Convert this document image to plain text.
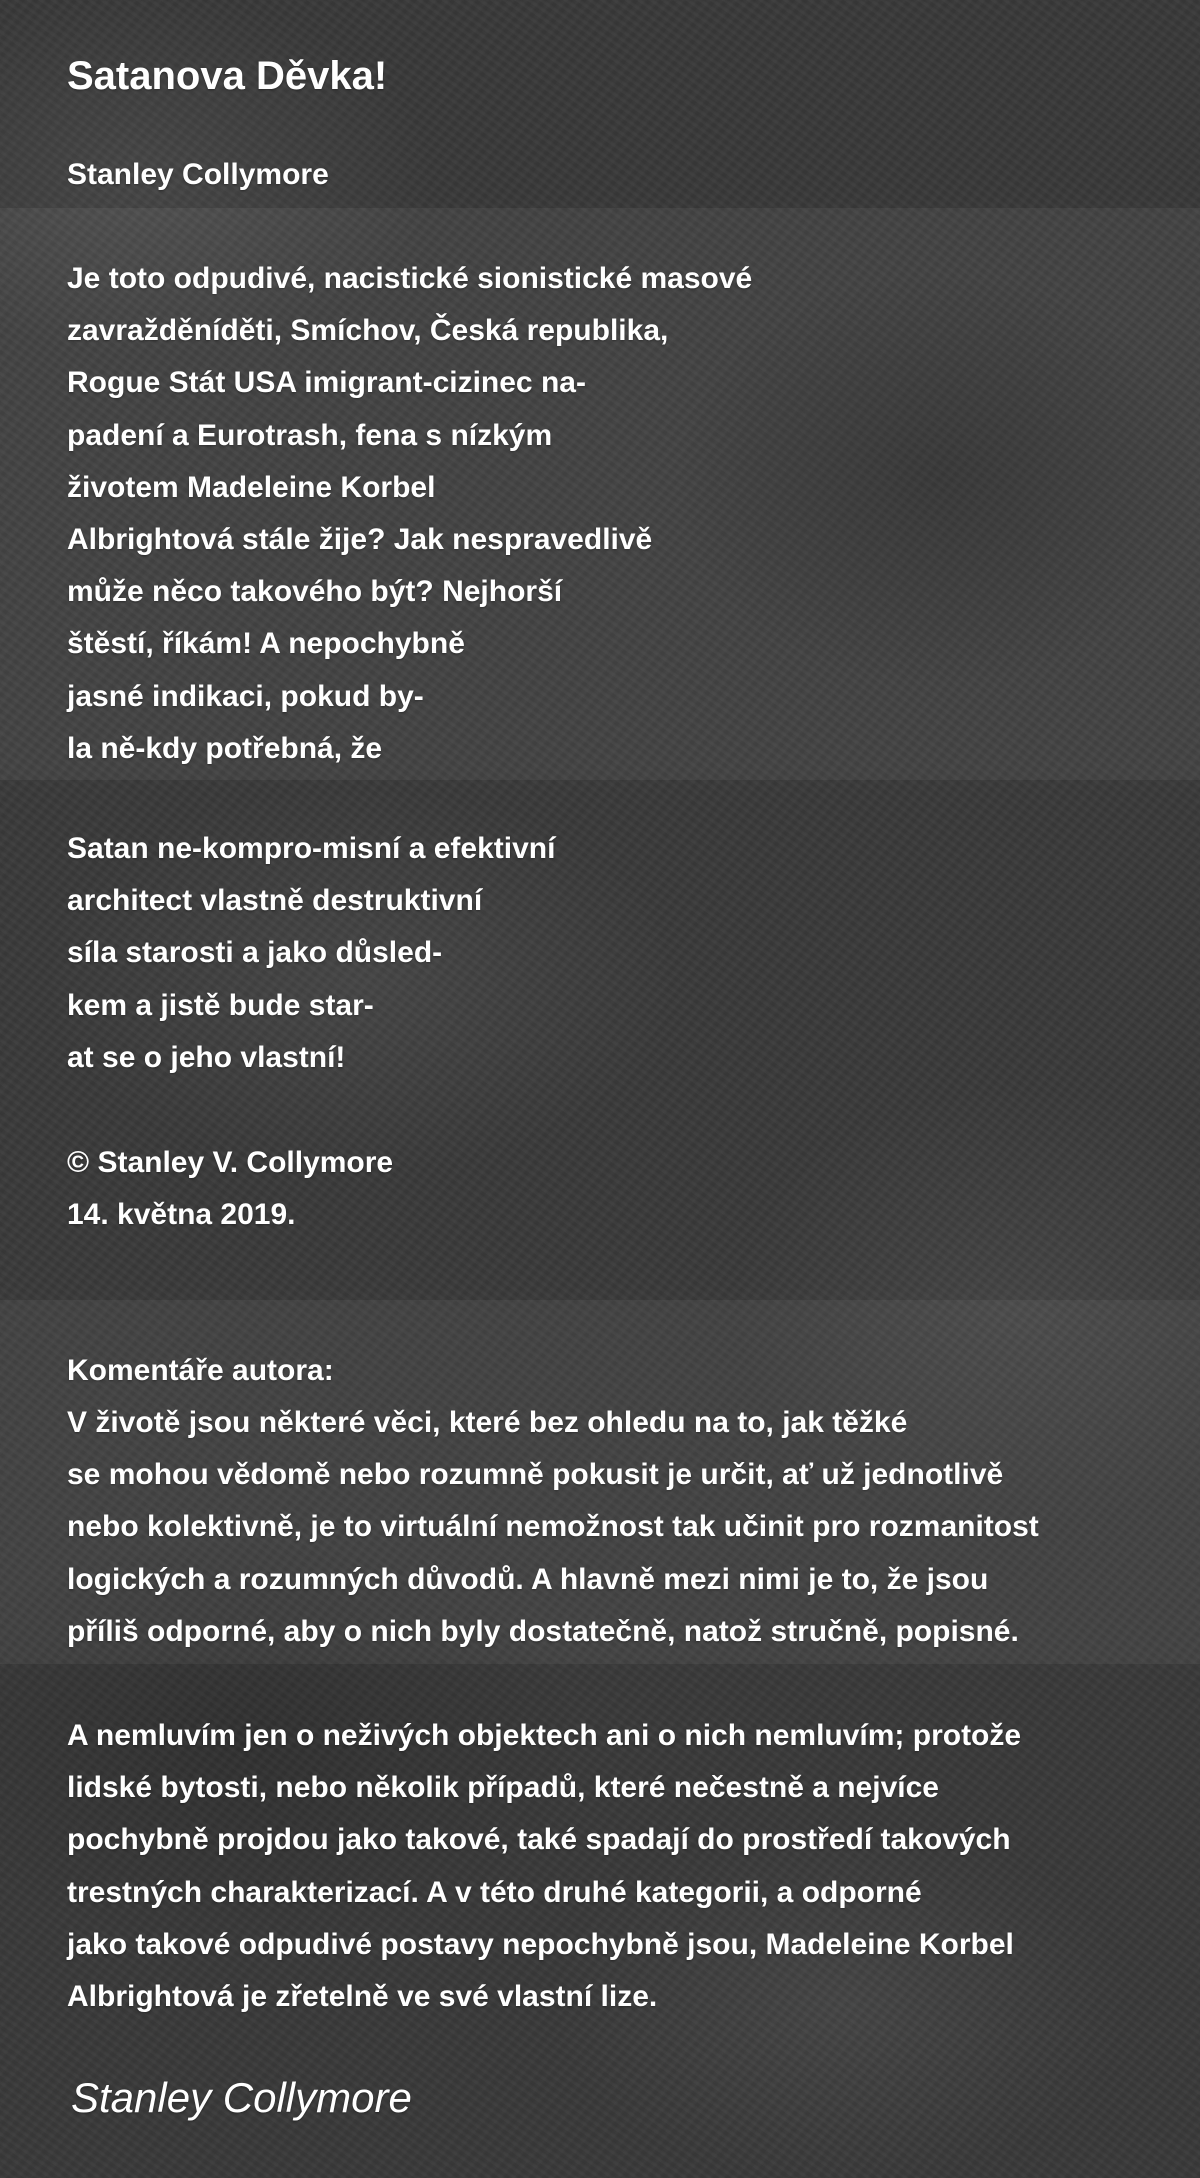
Satanova Děvka!
Stanley Collymore
Je toto odpudivé, nacistické sionistické masové
zavražděníděti, Smíchov, Česká republika,
Rogue Stát USA imigrant-cizinec na-
padení a Eurotrash, fena s nízkým
životem Madeleine Korbel
Albrightová stále žije? Jak nespravedlivě
může něco takového být? Nejhorší
štěstí, říkám! A nepochybně
jasné indikaci, pokud by-
la ně-kdy potřebná, že
Satan ne-kompro-misní a efektivní
architect vlastně destruktivní
síla starosti a jako důsled-
kem a jistě bude star-
at se o jeho vlastní!
© Stanley V. Collymore
14. května 2019.
Komentáře autora:
V životě jsou některé věci, které bez ohledu na to, jak těžké
se mohou vědomě nebo rozumně pokusit je určit, ať už jednotlivě
nebo kolektivně, je to virtuální nemožnost tak učinit pro rozmanitost
logických a rozumných důvodů. A hlavně mezi nimi je to, že jsou
příliš odporné, aby o nich byly dostatečně, natož stručně, popisné.
A nemluvím jen o neživých objektech ani o nich nemluvím; protože
lidské bytosti, nebo několik případů, které nečestně a nejvíce
pochybně projdou jako takové, také spadají do prostředí takových
trestných charakterizací. A v této druhé kategorii, a odporné
jako takové odpudivé postavy nepochybně jsou, Madeleine Korbel
Albrightová je zřetelně ve své vlastní lize.
Stanley Collymore
